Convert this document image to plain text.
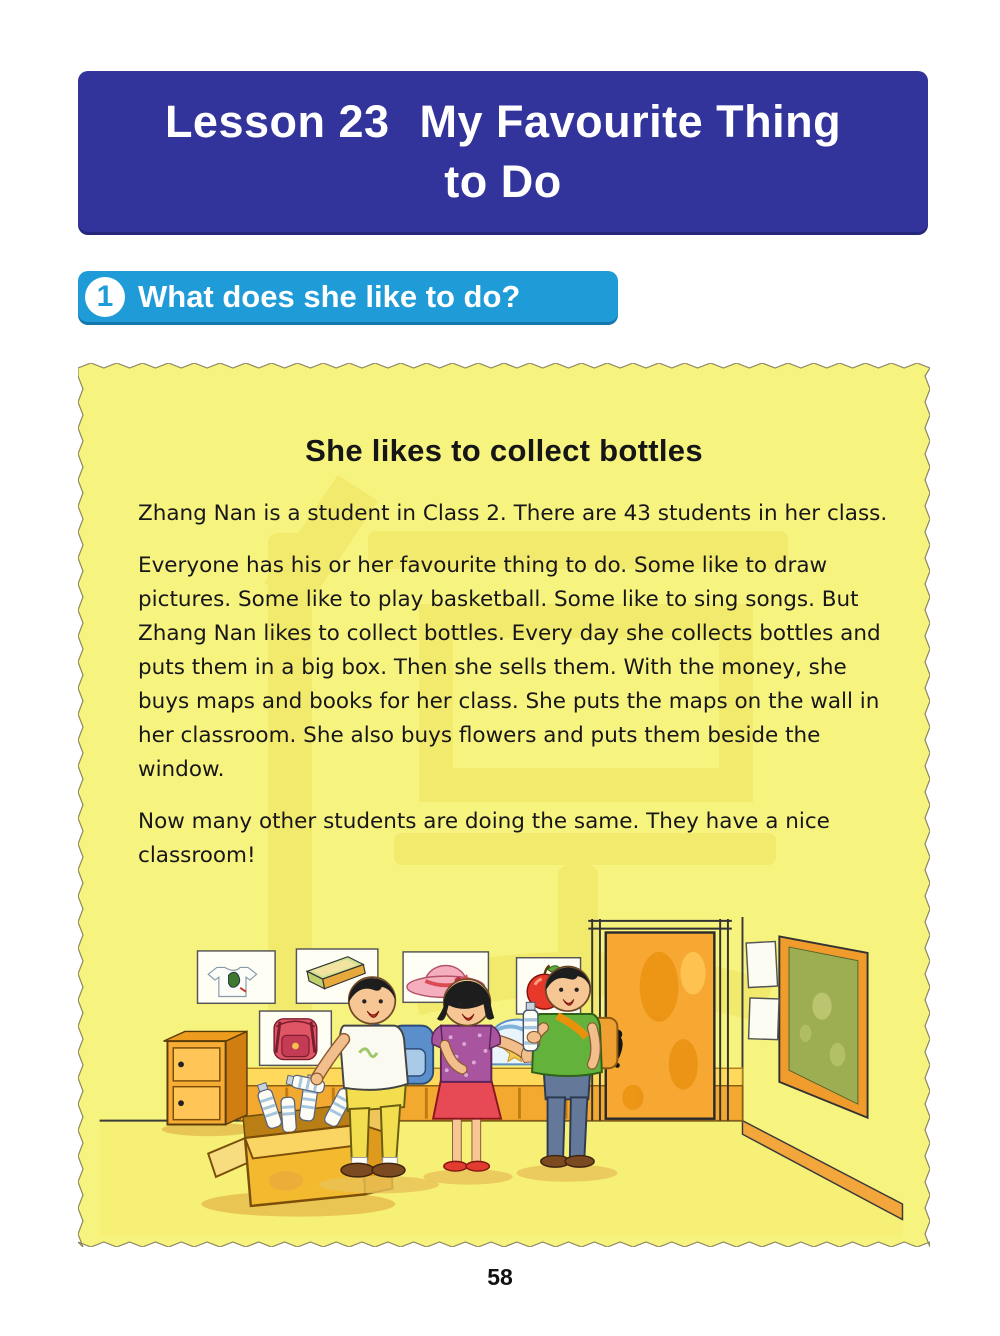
Lesson 23 My Favourite Thing
to Do
1 What does she like to do?
She likes to collect bottles

Zhang Nan is a student in Class 2. There are 43 students in her class.

Everyone has his or her favourite thing to do. Some like to draw pictures. Some like to play basketball. Some like to sing songs. But Zhang Nan likes to collect bottles. Every day she collects bottles and puts them in a big box. Then she sells them. With the money, she buys maps and books for her class. She puts the maps on the wall in her classroom. She also buys flowers and puts them beside the window.

Now many other students are doing the same. They have a nice classroom!

58
